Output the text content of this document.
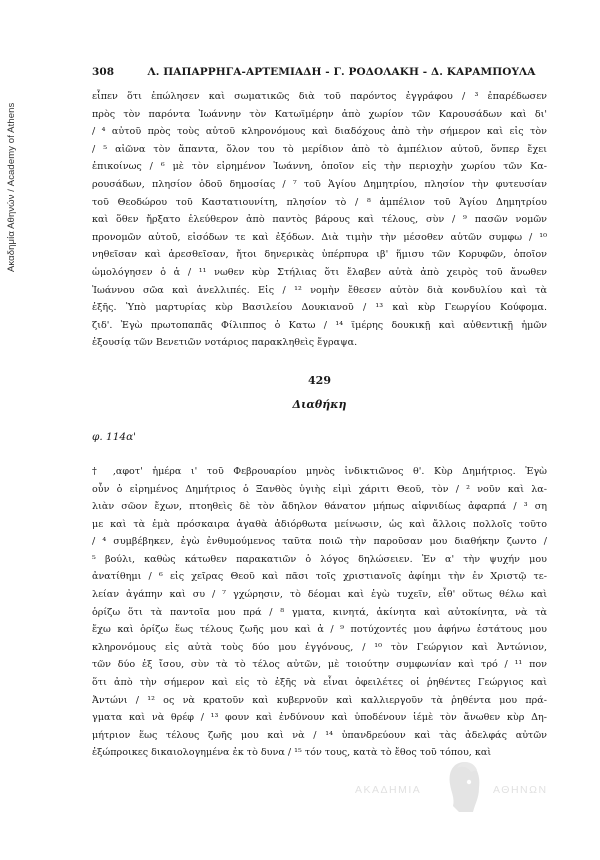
Ακαδημία Αθηνών / Academy of Athens
308	Λ. ΠΑΠΑΡΡΗΓΑ-ΑΡΤΕΜΙΑΔΗ - Γ. ΡΟΔΟΛΑΚΗ - Δ. ΚΑΡΑΜΠΟΥΛΑ
εἶπεν ὅτι ἐπώλησεν καὶ σωματικῶς διὰ τοῦ παρόντος ἐγγράφου / ³ ἐπαρέδωσεν
πρὸς τὸν παρόντα Ἰωάννην τὸν Κατωϊμέρην ἀπὸ χωρίον τῶν Καρουσάδων καὶ δι'
/ ⁴ αὐτοῦ πρὸς τοὺς αὐτοῦ κληρονόμους καὶ διαδόχους ἀπὸ τὴν σήμερον καὶ εἰς τὸν
/ ⁵ αἰῶνα τὸν ἅπαντα, ὅλον του τὸ μερίδιον ἀπὸ τὸ ἀμπέλιον αὐτοῦ, ὅνπερ ἔχει
ἐπικοίνως / ⁶ μὲ τὸν εἰρημένον Ἰωάννη, ὁποῖον εἰς τὴν περιοχὴν χωρίου τῶν Κα-
ρουσάδων, πλησίον ὁδοῦ δημοσίας / ⁷ τοῦ Ἁγίου Δημητρίου, πλησίον τὴν φυτευσίαν
τοῦ Θεοδώρου τοῦ Καστατιουνίτη, πλησίον τὸ / ⁸ ἀμπέλιον τοῦ Ἁγίου Δημητρίου
καὶ ὅθεν ἤρξατο ἐλεύθερον ἀπὸ παντὸς βάρους καὶ τέλους, σὺν / ⁹ πασῶν νομῶν
προνομῶν αὐτοῦ, εἰσόδων τε καὶ ἐξόδων. Διὰ τιμὴν τὴν μέσοθεν αὐτῶν συμφω / ¹⁰
νηθεῖσαν καὶ ἀρεσθεῖσαν, ἤτοι δηνερικὰς ὑπέρπυρα ιβ' ἥμισυ τῶν Κορυφῶν, ὁποῖον
ὡμολόγησεν ὁ ἀ / ¹¹ νωθεν κὺρ Στήλιας ὅτι ἔλαβεν αὐτὰ ἀπὸ χειρὸς τοῦ ἄνωθεν
Ἰωάννου σῶα καὶ ἀνελλιπές. Εἰς / ¹² νομὴν ἔθεσεν αὐτὸν διὰ κονδυλίου καὶ τὰ
ἑξῆς. Ὑπὸ μαρτυρίας κὺρ Βασιλείου Δουκιανοῦ / ¹³ καὶ κὺρ Γεωργίου Κούφομα.
ζιδ'. Ἐγὼ πρωτοπαπᾶς Φίλιππος ὁ Κατω / ¹⁴ ϊμέρης δουκικῇ καὶ αὐθεντικῇ ἡμῶν
ἐξουσίᾳ τῶν Βενετιῶν νοτάριος παρακληθεὶς ἔγραψα.
429
Διαθήκη
φ. 114α'
† ,αφοτ' ἡμέρα ι' τοῦ Φεβρουαρίου μηνὸς ἰνδικτιῶνος θ'. Κὺρ Δημήτριος. Ἐγὼ
οὖν ὁ εἰρημένος Δημήτριος ὁ Ξανθὸς ὑγιὴς εἰμὶ χάριτι Θεοῦ, τὸν / ² νοῦν καὶ λα-
λιὰν σῶον ἔχων, πτοηθεὶς δὲ τὸν ἄδηλον θάνατον μήπως αἰφνιδίως ἀφαρπά / ³ ση
με καὶ τὰ ἐμὰ πρόσκαιρα ἀγαθὰ ἀδιόρθωτα μείνωσιν, ὡς καὶ ἄλλοις πολλοῖς τοῦτο
/ ⁴ συμβέβηκεν, ἐγὼ ἐνθυμούμενος ταῦτα ποιῶ τὴν παροῦσαν μου διαθήκην ζωντο /
⁵ βούλι, καθὼς κάτωθεν παρακατιῶν ὁ λόγος δηλώσειεν. Ἐν α' τὴν ψυχήν μου
ἀνατίθημι / ⁶ εἰς χεῖρας Θεοῦ καὶ πᾶσι τοῖς χριστιανοῖς ἀφίημι τὴν ἐν Χριστῷ τε-
λείαν ἀγάπην καὶ συ / ⁷ γχώρησιν, τὸ δέομαι καὶ ἐγὼ τυχεῖν, εἶθ' οὕτως θέλω καὶ
ὁρίζω ὅτι τὰ παντοῖα μου πρά / ⁸ γματα, κινητά, ἀκίνητα καὶ αὐτοκίνητα, νὰ τὰ
ἔχω καὶ ὁρίζω ἕως τέλους ζωῆς μου καὶ ἀ / ⁹ ποτύχοντές μου ἀφήνω ἐστάτους μου
κληρονόμους εἰς αὐτὰ τοὺς δύο μου ἐγγόνους, / ¹⁰ τὸν Γεώργιον καὶ Ἀντώνιον,
τῶν δύο ἐξ ἴσου, σὺν τὰ τὸ τέλος αὐτῶν, μὲ τοιούτην συμφωνίαν καὶ τρό / ¹¹ πον
ὅτι ἀπὸ τὴν σήμερον καὶ εἰς τὸ ἑξῆς νὰ εἶναι ὀφειλέτες οἱ ῥηθέντες Γεώργιος καὶ
Ἀντώνι / ¹² ος νὰ κρατοῦν καὶ κυβερνοῦν καὶ καλλιεργοῦν τὰ ῥηθέντα μου πρά-
γματα καὶ νὰ θρέφ / ¹³ φουν καὶ ἐνδύνουν καὶ ὑποδένουν ἰέμὲ τὸν ἄνωθεν κὺρ Δη-
μήτριον ἕως τέλους ζωῆς μου καὶ νὰ / ¹⁴ ὑπανδρεύουν καὶ τὰς ἀδελφάς αὐτῶν
ἐξώπροικες δικαιολογημένα ἐκ τὸ δυνα / ¹⁵ τόν τους, κατὰ τὸ ἔθος τοῦ τόπου, καὶ
ΑΚΑΔΗΜΙΑ	ΑΘΗΝΩΝ
